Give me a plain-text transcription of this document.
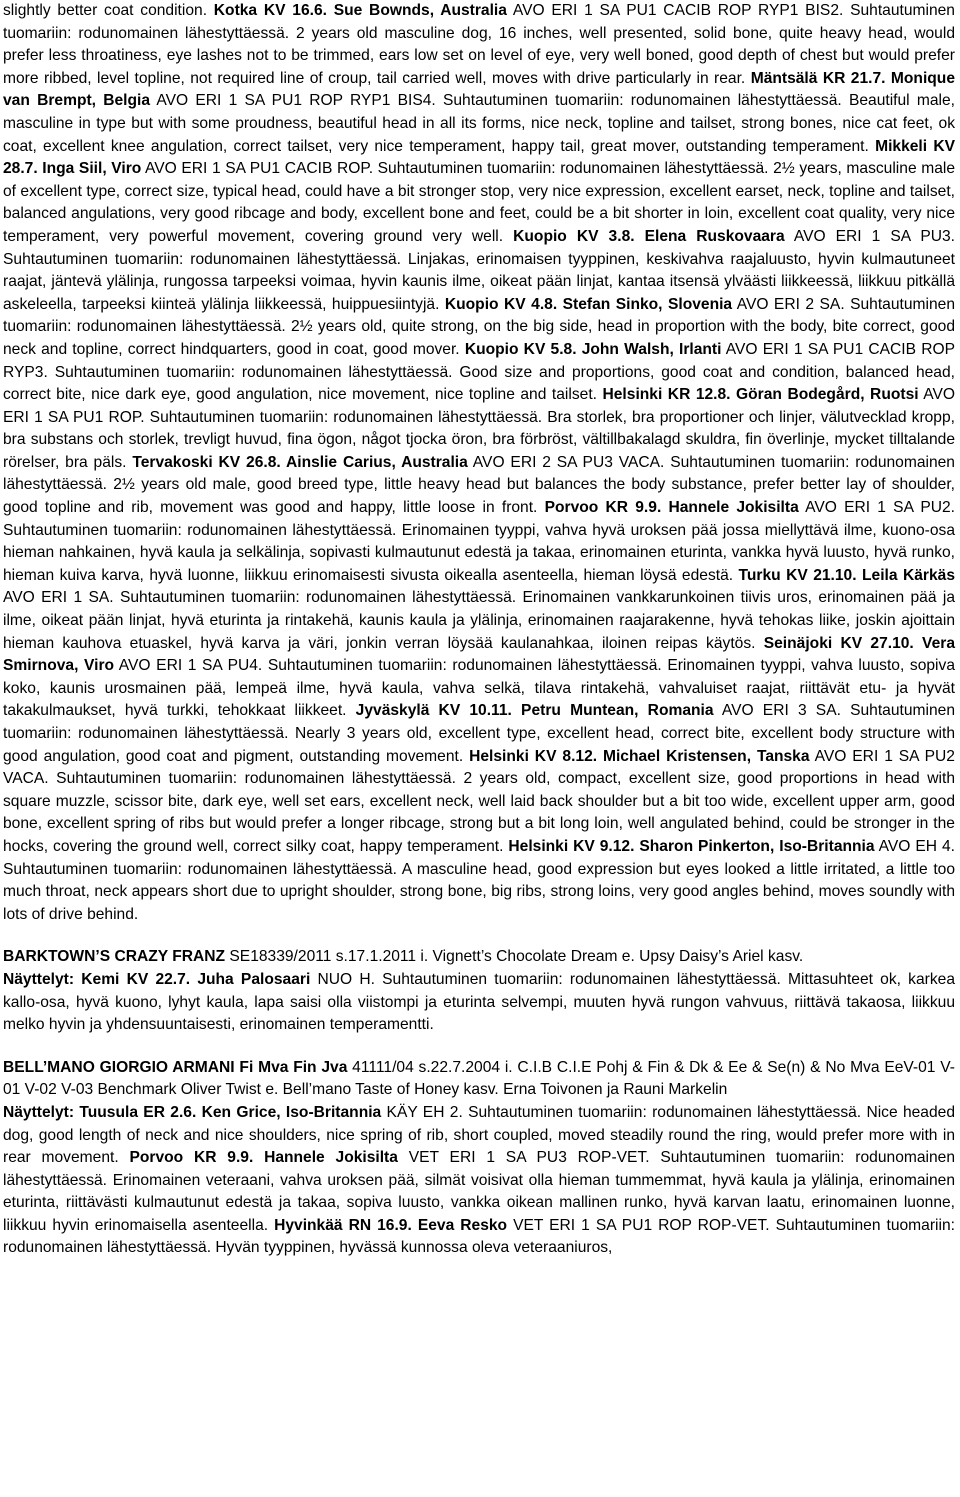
slightly better coat condition. Kotka KV 16.6. Sue Bownds, Australia AVO ERI 1 SA PU1 CACIB ROP RYP1 BIS2. Suhtautuminen tuomariin: rodunomainen lähestyttäessä. 2 years old masculine dog, 16 inches, well presented, solid bone, quite heavy head, would prefer less throatiness, eye lashes not to be trimmed, ears low set on level of eye, very well boned, good depth of chest but would prefer more ribbed, level topline, not required line of croup, tail carried well, moves with drive particularly in rear. Mäntsälä KR 21.7. Monique van Brempt, Belgia AVO ERI 1 SA PU1 ROP RYP1 BIS4. Suhtautuminen tuomariin: rodunomainen lähestyttäessä. Beautiful male, masculine in type but with some proudness, beautiful head in all its forms, nice neck, topline and tailset, strong bones, nice cat feet, ok coat, excellent knee angulation, correct tailset, very nice temperament, happy tail, great mover, outstanding temperament. Mikkeli KV 28.7. Inga Siil, Viro AVO ERI 1 SA PU1 CACIB ROP. Suhtautuminen tuomariin: rodunomainen lähestyttäessä. 2½ years, masculine male of excellent type, correct size, typical head, could have a bit stronger stop, very nice expression, excellent earset, neck, topline and tailset, balanced angulations, very good ribcage and body, excellent bone and feet, could be a bit shorter in loin, excellent coat quality, very nice temperament, very powerful movement, covering ground very well. Kuopio KV 3.8. Elena Ruskovaara AVO ERI 1 SA PU3. Suhtautuminen tuomariin: rodunomainen lähestyttäessä. Linjakas, erinomaisen tyyppinen, keskivahva raajaluusto, hyvin kulmautuneet raajat, jäntevä ylälinja, rungossa tarpeeksi voimaa, hyvin kaunis ilme, oikeat pään linjat, kantaa itsensä ylväästi liikkeessä, liikkuu pitkällä askeleella, tarpeeksi kiinteä ylälinja liikkeessä, huippuesiintyjä. Kuopio KV 4.8. Stefan Sinko, Slovenia AVO ERI 2 SA. Suhtautuminen tuomariin: rodunomainen lähestyttäessä. 2½ years old, quite strong, on the big side, head in proportion with the body, bite correct, good neck and topline, correct hindquarters, good in coat, good mover. Kuopio KV 5.8. John Walsh, Irlanti AVO ERI 1 SA PU1 CACIB ROP RYP3. Suhtautuminen tuomariin: rodunomainen lähestyttäessä. Good size and proportions, good coat and condition, balanced head, correct bite, nice dark eye, good angulation, nice movement, nice topline and tailset. Helsinki KR 12.8. Göran Bodegård, Ruotsi AVO ERI 1 SA PU1 ROP. Suhtautuminen tuomariin: rodunomainen lähestyttäessä. Bra storlek, bra proportioner och linjer, välutvecklad kropp, bra substans och storlek, trevligt huvud, fina ögon, något tjocka öron, bra förbröst, vältillbakalagd skuldra, fin överlinje, mycket tilltalande rörelser, bra päls. Tervakoski KV 26.8. Ainslie Carius, Australia AVO ERI 2 SA PU3 VACA. Suhtautuminen tuomariin: rodunomainen lähestyttäessä. 2½ years old male, good breed type, little heavy head but balances the body substance, prefer better lay of shoulder, good topline and rib, movement was good and happy, little loose in front. Porvoo KR 9.9. Hannele Jokisilta AVO ERI 1 SA PU2. Suhtautuminen tuomariin: rodunomainen lähestyttäessä. Erinomainen tyyppi, vahva hyvä uroksen pää jossa miellyttävä ilme, kuono-osa hieman nahkainen, hyvä kaula ja selkälinja, sopivasti kulmautunut edestä ja takaa, erinomainen eturinta, vankka hyvä luusto, hyvä runko, hieman kuiva karva, hyvä luonne, liikkuu erinomaisesti sivusta oikealla asenteella, hieman löysä edestä. Turku KV 21.10. Leila Kärkäs AVO ERI 1 SA. Suhtautuminen tuomariin: rodunomainen lähestyttäessä. Erinomainen vankkarunkoinen tiivis uros, erinomainen pää ja ilme, oikeat pään linjat, hyvä eturinta ja rintakehä, kaunis kaula ja ylälinja, erinomainen raajarakenne, hyvä tehokas liike, joskin ajoittain hieman kauhova etuaskel, hyvä karva ja väri, jonkin verran löysää kaulanahkaa, iloinen reipas käytös. Seinäjoki KV 27.10. Vera Smirnova, Viro AVO ERI 1 SA PU4. Suhtautuminen tuomariin: rodunomainen lähestyttäessä. Erinomainen tyyppi, vahva luusto, sopiva koko, kaunis urosmainen pää, lempeä ilme, hyvä kaula, vahva selkä, tilava rintakehä, vahvaluiset raajat, riittävät etu- ja hyvät takakulmaukset, hyvä turkki, tehokkaat liikkeet. Jyväskylä KV 10.11. Petru Muntean, Romania AVO ERI 3 SA. Suhtautuminen tuomariin: rodunomainen lähestyttäessä. Nearly 3 years old, excellent type, excellent head, correct bite, excellent body structure with good angulation, good coat and pigment, outstanding movement. Helsinki KV 8.12. Michael Kristensen, Tanska AVO ERI 1 SA PU2 VACA. Suhtautuminen tuomariin: rodunomainen lähestyttäessä. 2 years old, compact, excellent size, good proportions in head with square muzzle, scissor bite, dark eye, well set ears, excellent neck, well laid back shoulder but a bit too wide, excellent upper arm, good bone, excellent spring of ribs but would prefer a longer ribcage, strong but a bit long loin, well angulated behind, could be stronger in the hocks, covering the ground well, correct silky coat, happy temperament. Helsinki KV 9.12. Sharon Pinkerton, Iso-Britannia AVO EH 4. Suhtautuminen tuomariin: rodunomainen lähestyttäessä. A masculine head, good expression but eyes looked a little irritated, a little too much throat, neck appears short due to upright shoulder, strong bone, big ribs, strong loins, very good angles behind, moves soundly with lots of drive behind.

BARKTOWN’S CRAZY FRANZ SE18339/2011 s.17.1.2011 i. Vignett’s Chocolate Dream e. Upsy Daisy’s Ariel kasv.

Näyttelyt: Kemi KV 22.7. Juha Palosaari NUO H. Suhtautuminen tuomariin: rodunomainen lähestyttäessä. Mittasuhteet ok, karkea kallo-osa, hyvä kuono, lyhyt kaula, lapa saisi olla viistompi ja eturinta selvempi, muuten hyvä rungon vahvuus, riittävä takaosa, liikkuu melko hyvin ja yhdensuuntaisesti, erinomainen temperamentti.

BELL’MANO GIORGIO ARMANI Fi Mva Fin Jva 41111/04 s.22.7.2004 i. C.I.B C.I.E Pohj & Fin & Dk & Ee & Se(n) & No Mva EeV-01 V-01 V-02 V-03 Benchmark Oliver Twist e. Bell’mano Taste of Honey kasv. Erna Toivonen ja Rauni Markelin

Näyttelyt: Tuusula ER 2.6. Ken Grice, Iso-Britannia KÄY EH 2. Suhtautuminen tuomariin: rodunomainen lähestyttäessä. Nice headed dog, good length of neck and nice shoulders, nice spring of rib, short coupled, moved steadily round the ring, would prefer more with in rear movement. Porvoo KR 9.9. Hannele Jokisilta VET ERI 1 SA PU3 ROP-VET. Suhtautuminen tuomariin: rodunomainen lähestyttäessä. Erinomainen veteraani, vahva uroksen pää, silmät voisivat olla hieman tummemmat, hyvä kaula ja ylälinja, erinomainen eturinta, riittävästi kulmautunut edestä ja takaa, sopiva luusto, vankka oikean mallinen runko, hyvä karvan laatu, erinomainen luonne, liikkuu hyvin erinomaisella asenteella. Hyvinkää RN 16.9. Eeva Resko VET ERI 1 SA PU1 ROP ROP-VET. Suhtautuminen tuomariin: rodunomainen lähestyttäessä. Hyvän tyyppinen, hyvässä kunnossa oleva veteraaniuros,
